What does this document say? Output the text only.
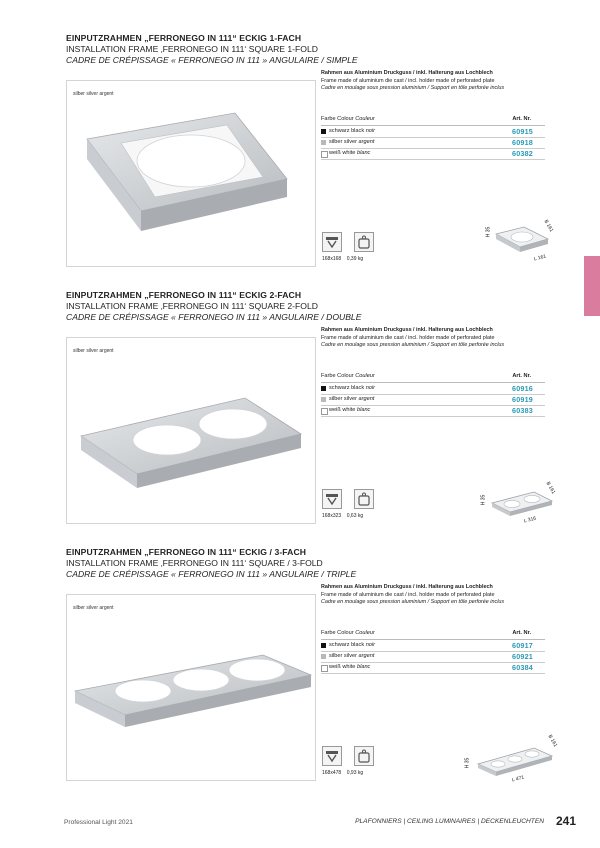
EINPUTZRAHMEN „FERRONEGO IN 111“ ECKIG 1-FACH
INSTALLATION FRAME ‚FERRONEGO IN 111‘ SQUARE 1-FOLD
CADRE DE CRÉPISSAGE « FERRONEGO IN 111 » ANGULAIRE / SIMPLE
silber silver argent
Rahmen aus Aluminium Druckguss / inkl. Halterung aus Lochblech
Frame made of aluminium die cast / incl. holder made of perforated plate
Cadre en moulage sous pression aluminium / Support en tôle perforée inclus
Farbe Colour Couleur	Art. Nr.
schwarz black noir	60915
silber silver argent	60918
weiß white blanc	60382
168x168 0,39 kg
H 35	B 161
L 161
EINPUTZRAHMEN „FERRONEGO IN 111“ ECKIG 2-FACH
INSTALLATION FRAME ‚FERRONEGO IN 111‘ SQUARE 2-FOLD
CADRE DE CRÉPISSAGE « FERRONEGO IN 111 » ANGULAIRE / DOUBLE
silber silver argent
Rahmen aus Aluminium Druckguss / inkl. Halterung aus Lochblech
Frame made of aluminium die cast / incl. holder made of perforated plate
Cadre en moulage sous pression aluminium / Support en tôle perforée inclus
Farbe Colour Couleur	Art. Nr.
schwarz black noir	60916
silber silver argent	60919
weiß white blanc	60383
168x323 0,63 kg
H 35
B 161
L 316
EINPUTZRAHMEN „FERRONEGO IN 111“ ECKIG / 3-FACH
INSTALLATION FRAME ‚FERRONEGO IN 111‘ SQUARE / 3-FOLD
CADRE DE CRÉPISSAGE « FERRONEGO IN 111 » ANGULAIRE / TRIPLE
silber silver argent
Rahmen aus Aluminium Druckguss / inkl. Halterung aus Lochblech
Frame made of aluminium die cast / incl. holder made of perforated plate
Cadre en moulage sous pression aluminium / Support en tôle perforée inclus
Farbe Colour Couleur	Art. Nr.
schwarz black noir	60917
silber silver argent	60921
weiß white blanc	60384
168x478 0,93 kg
H 35
B 161
L 471
Professional Light 2021	PLAFONNIERS | CEILING LUMINAIRES | DECKENLEUCHTEN 241
